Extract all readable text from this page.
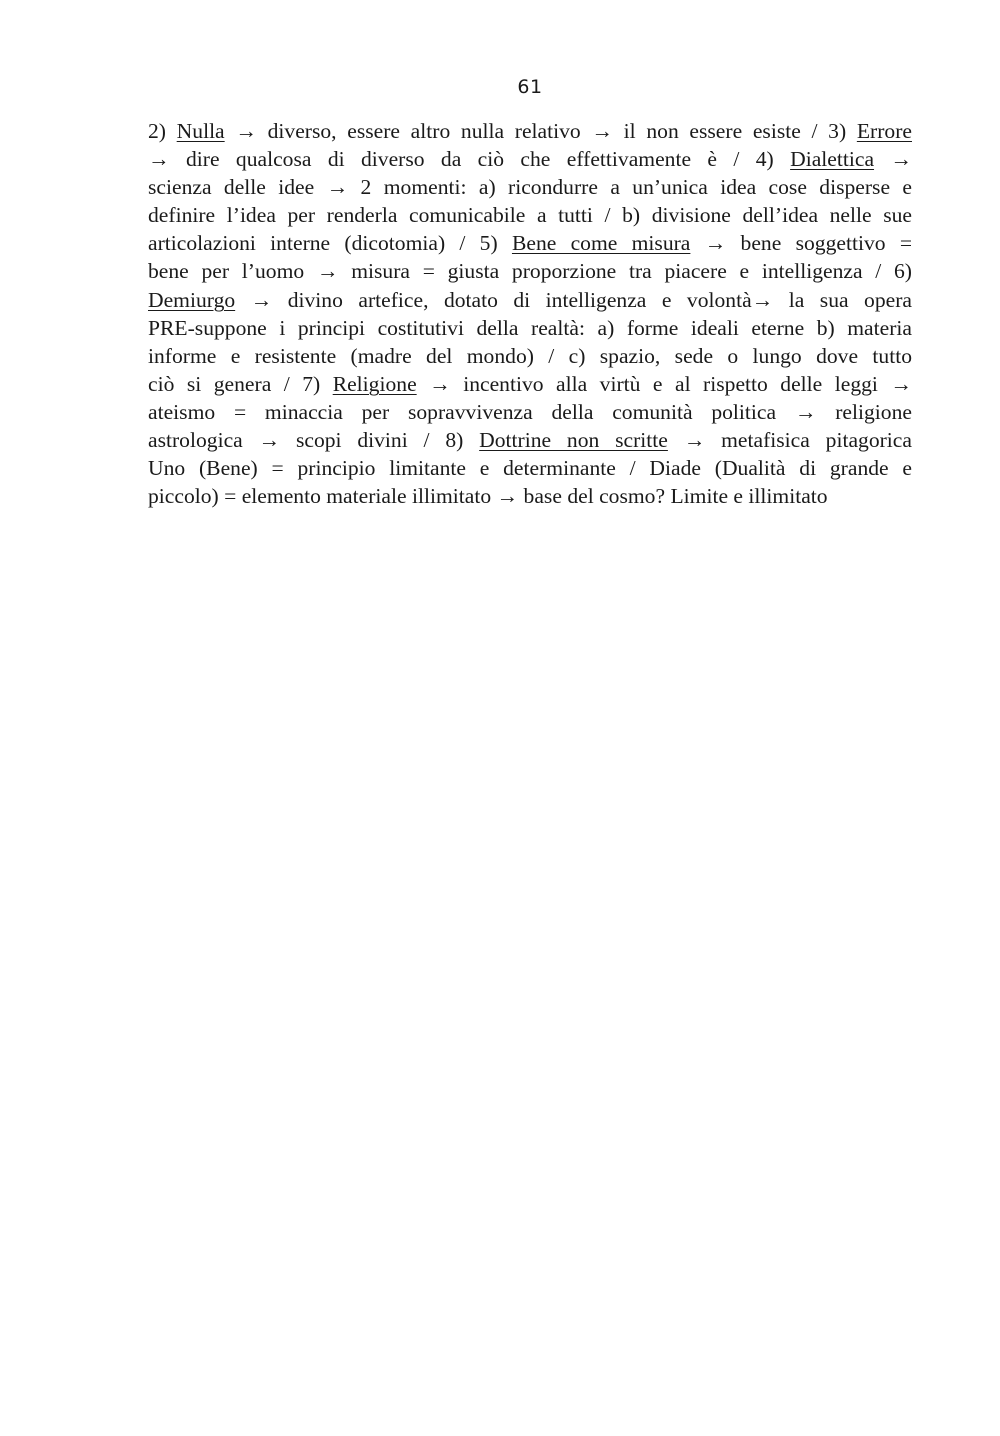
61
2) Nulla → diverso, essere altro nulla relativo → il non essere esiste / 3) Errore
→ dire qualcosa di diverso da ciò che effettivamente è / 4) Dialettica →
scienza delle idee → 2 momenti: a) ricondurre a un’unica idea cose disperse e
definire l’idea per renderla comunicabile a tutti / b) divisione dell’idea nelle sue
articolazioni interne (dicotomia) / 5) Bene come misura → bene soggettivo =
bene per l’uomo → misura = giusta proporzione tra piacere e intelligenza / 6)
Demiurgo → divino artefice, dotato di intelligenza e volontà→ la sua opera
PRE-suppone i principi costitutivi della realtà: a) forme ideali eterne b) materia
informe e resistente (madre del mondo) / c) spazio, sede o lungo dove tutto
ciò si genera / 7) Religione → incentivo alla virtù e al rispetto delle leggi →
ateismo = minaccia per sopravvivenza della comunità politica → religione
astrologica → scopi divini / 8) Dottrine non scritte → metafisica pitagorica
Uno (Bene) = principio limitante e determinante / Diade (Dualità di grande e
piccolo) = elemento materiale illimitato → base del cosmo? Limite e illimitato
